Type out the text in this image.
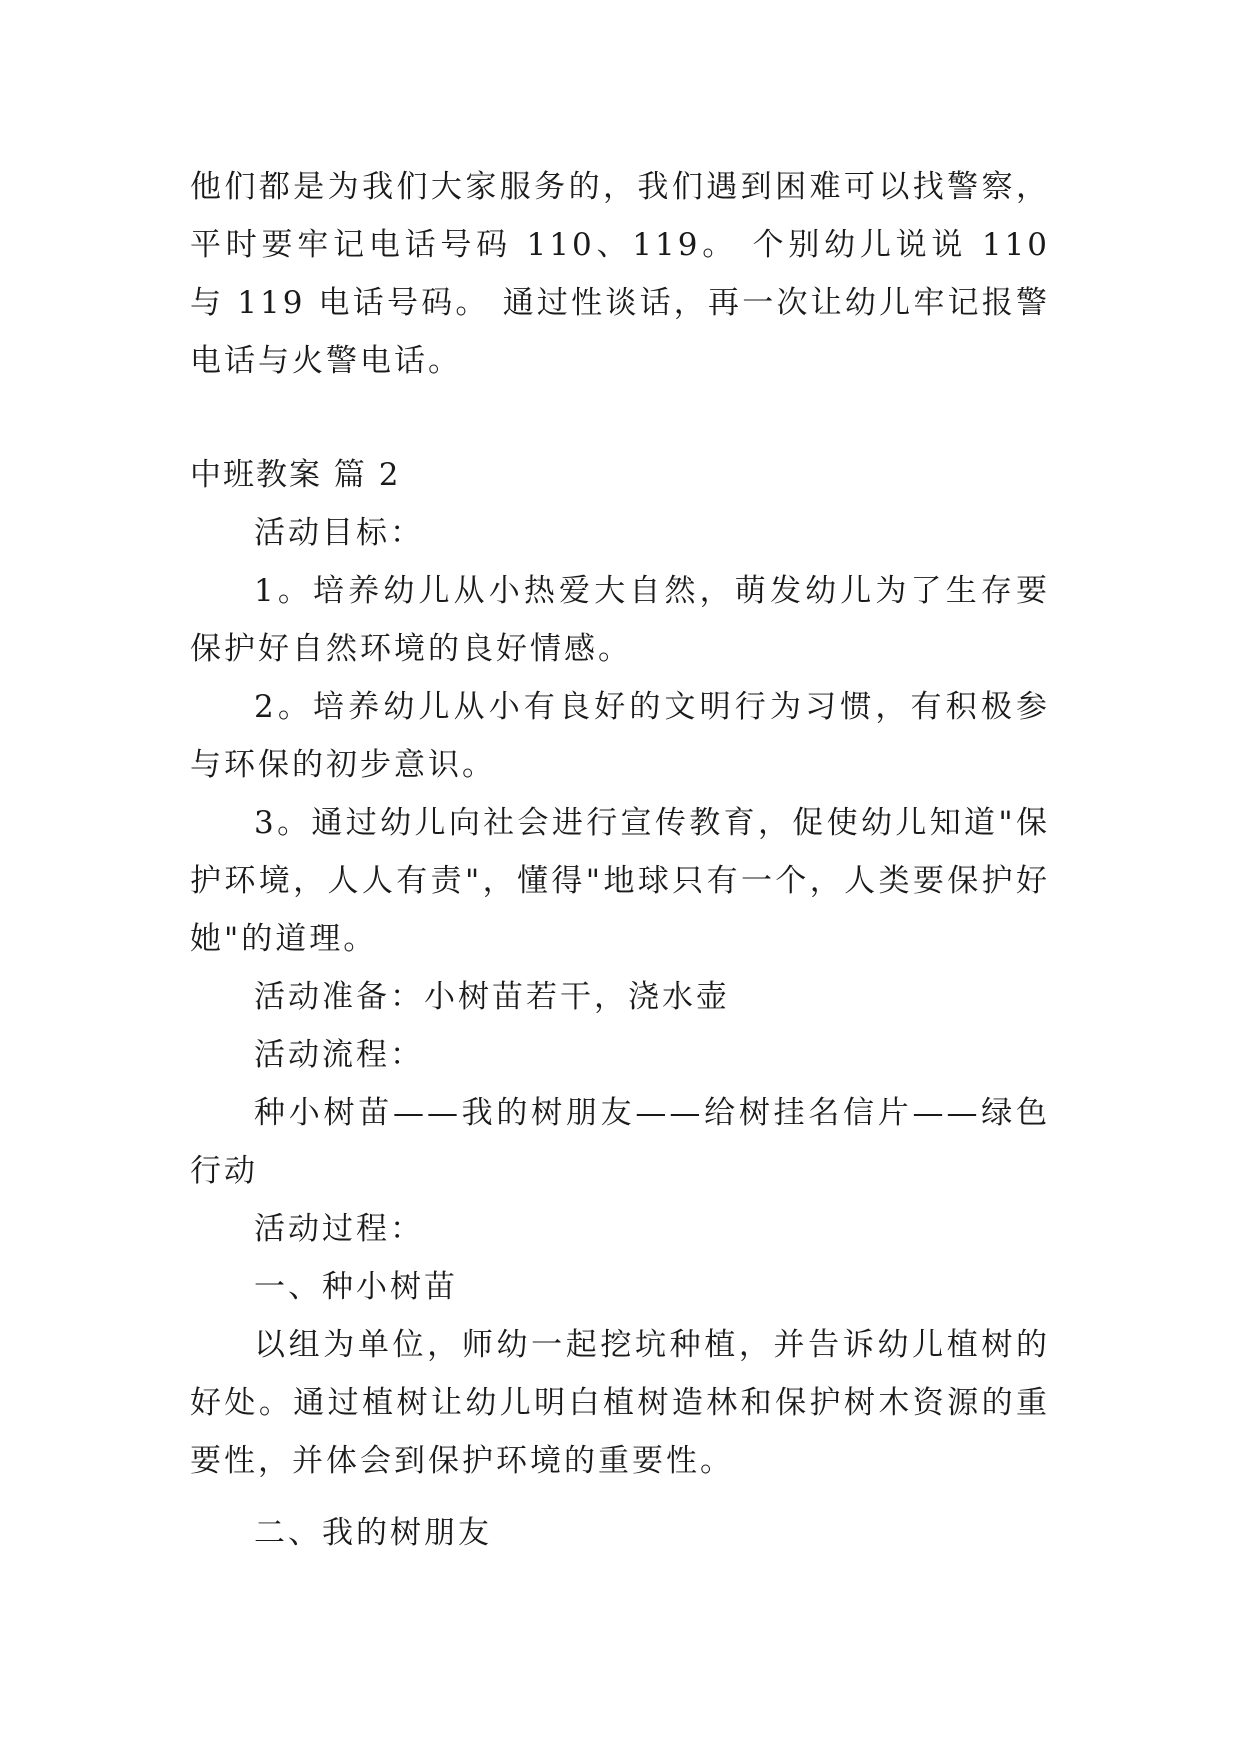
他们都是为我们大家服务的，我们遇到困难可以找警察，平时要牢记电话号码 110、119。 个别幼儿说说 110 与 119 电话号码。 通过性谈话，再一次让幼儿牢记报警电话与火警电话。

中班教案 篇 2

活动目标：

1。培养幼儿从小热爱大自然，萌发幼儿为了生存要保护好自然环境的良好情感。

2。培养幼儿从小有良好的文明行为习惯，有积极参与环保的初步意识。

3。通过幼儿向社会进行宣传教育，促使幼儿知道"保护环境，人人有责"，懂得"地球只有一个，人类要保护好她"的道理。

活动准备：小树苗若干，浇水壶

活动流程：

种小树苗——我的树朋友——给树挂名信片——绿色行动

活动过程：

一、种小树苗

以组为单位，师幼一起挖坑种植，并告诉幼儿植树的好处。通过植树让幼儿明白植树造林和保护树木资源的重要性，并体会到保护环境的重要性。

二、我的树朋友
